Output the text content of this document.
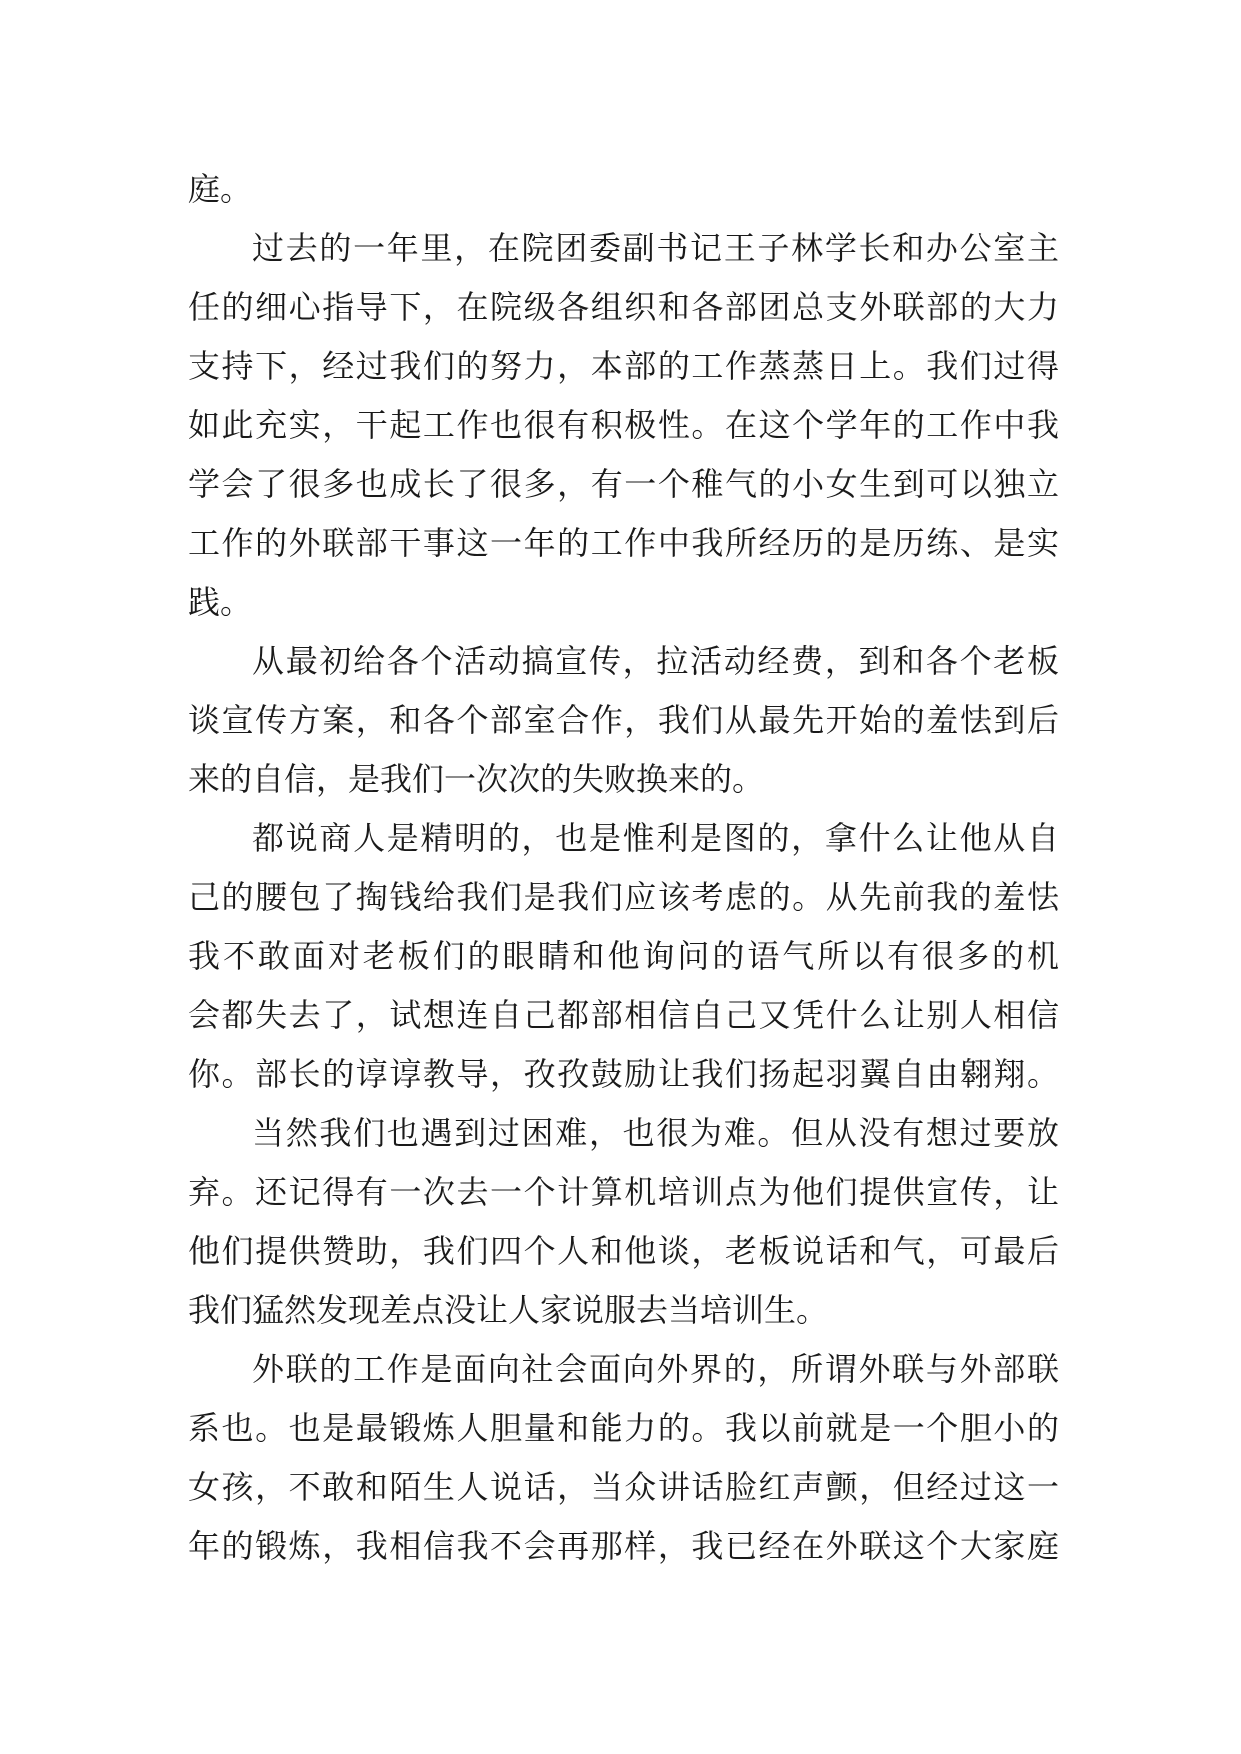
庭。
过去的一年里，在院团委副书记王子林学长和办公室主
任的细心指导下，在院级各组织和各部团总支外联部的大力
支持下，经过我们的努力，本部的工作蒸蒸日上。我们过得
如此充实，干起工作也很有积极性。在这个学年的工作中我
学会了很多也成长了很多，有一个稚气的小女生到可以独立
工作的外联部干事这一年的工作中我所经历的是历练、是实
践。
从最初给各个活动搞宣传，拉活动经费，到和各个老板
谈宣传方案，和各个部室合作，我们从最先开始的羞怯到后
来的自信，是我们一次次的失败换来的。
都说商人是精明的，也是惟利是图的，拿什么让他从自
己的腰包了掏钱给我们是我们应该考虑的。从先前我的羞怯
我不敢面对老板们的眼睛和他询问的语气所以有很多的机
会都失去了，试想连自己都部相信自己又凭什么让别人相信
你。部长的谆谆教导，孜孜鼓励让我们扬起羽翼自由翱翔。
当然我们也遇到过困难，也很为难。但从没有想过要放
弃。还记得有一次去一个计算机培训点为他们提供宣传，让
他们提供赞助，我们四个人和他谈，老板说话和气，可最后
我们猛然发现差点没让人家说服去当培训生。
外联的工作是面向社会面向外界的，所谓外联与外部联
系也。也是最锻炼人胆量和能力的。我以前就是一个胆小的
女孩，不敢和陌生人说话，当众讲话脸红声颤，但经过这一
年的锻炼，我相信我不会再那样，我已经在外联这个大家庭
